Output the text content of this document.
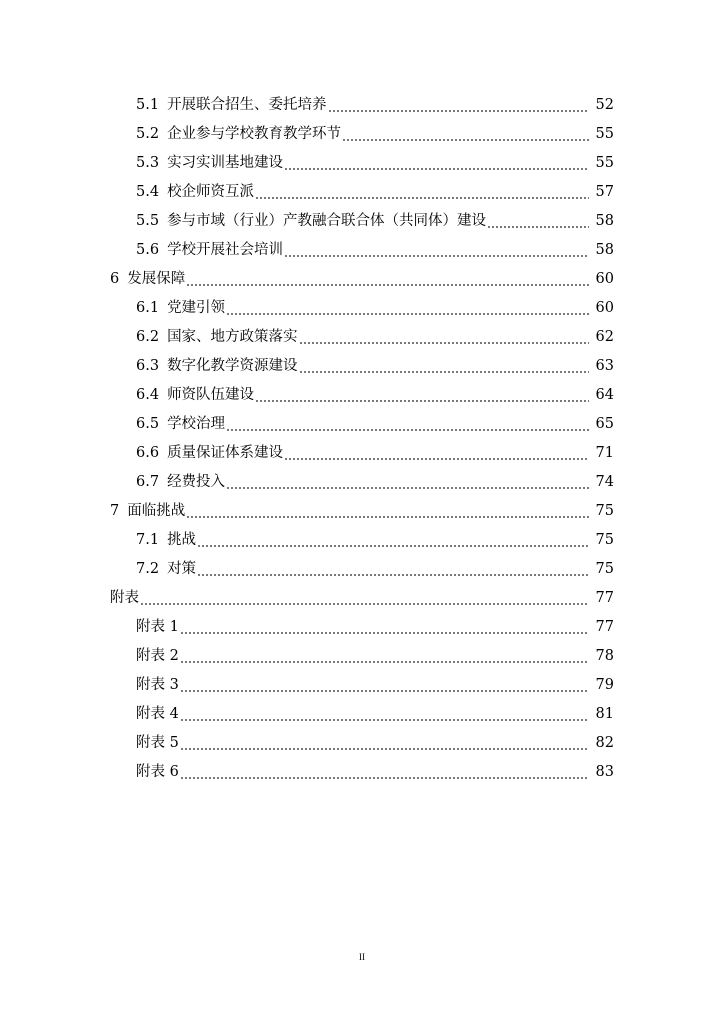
5.1 开展联合招生、委托培养	52
5.2 企业参与学校教育教学环节	55
5.3 实习实训基地建设	55
5.4 校企师资互派	57
5.5 参与市域（行业）产教融合联合体（共同体）建设	58
5.6 学校开展社会培训	58
6 发展保障	60
6.1 党建引领	60
6.2 国家、地方政策落实	62
6.3 数字化教学资源建设	63
6.4 师资队伍建设	64
6.5 学校治理	65
6.6 质量保证体系建设	71
6.7 经费投入	74
7 面临挑战	75
7.1 挑战	75
7.2 对策	75
附表	77
附表 1	77
附表 2	78
附表 3	79
附表 4	81
附表 5	82
附表 6	83
II
